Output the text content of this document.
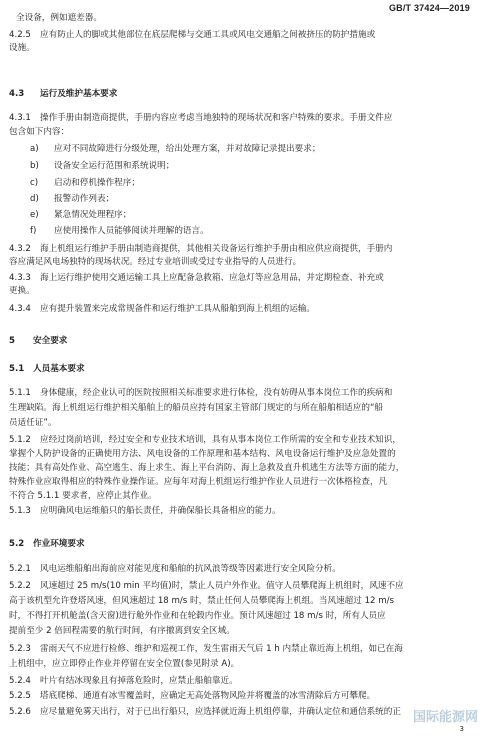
GB/T 37424—2019
全设备，例如遮差器。
4.2.5 应有防止人的脚或其他部位在底层爬梯与交通工具或风电交通船之间被挤压的防护措施或
设施。
4.3 运行及维护基本要求
4.3.1 操作手册由制造商提供，手册内容应考虑当地独特的现场状况和客户特殊的要求。手册文件应
包含如下内容：
a) 应对不同故障进行分级处理，给出处理方案，并对故障记录提出要求；
b) 设备安全运行范围和系统说明；
c) 启动和停机操作程序；
d) 报警动作列表；
e) 紧急情况处理程序；
f) 应使用操作人员能够阅读并理解的语言。
4.3.2 海上机组运行维护手册由制造商提供，其他相关设备运行维护手册由相应供应商提供，手册内
容应满足风电场独特的现场状况。经过专业培训或受过专业指导的人员进行。
4.3.3 海上运行维护使用交通运输工具上应配备急救箱、应急灯等应急用品，并定期检查、补充或
更换。
4.3.4 应有提升装置来完成常规备件和运行维护工具从船舶到海上机组的运输。
5 安全要求
5.1 人员基本要求
5.1.1 身体健康，经企业认可的医院按照相关标准要求进行体检，没有妨碍从事本岗位工作的疾病和
生理缺陷。海上机组运行维护相关船舶上的船员应持有国家主管部门规定的与所在船舶相适应的“船
员适任证”。
5.1.2 应经过岗前培训，经过安全和专业技术培训，具有从事本岗位工作所需的安全和专业技术知识，
掌握个人防护设备的正确使用方法、风电设备的工作原理和基本结构、风电设备运行维护及应急处置的
技能；具有高处作业、高空逃生、海上求生、海上平台消防、海上急救及直升机逃生方法等方面的能力，
特殊作业应取得相应的特殊作业操作证。应每年对海上机组运行维护作业人员进行一次体格检查，凡
不符合 5.1.1 要求者，应停止其作业。
5.1.3 应明确风电运维船只的船长责任，并确保船长具备相应的能力。
5.2 作业环境要求
5.2.1 风电运维船舶出海前应对能见度和船舶的抗风浪等级等因素进行安全风险分析。
5.2.2 风速超过 25 m/s(10 min 平均值)时，禁止人员户外作业。值守人员攀爬海上机组时，风速不应
高于该机型允许登塔风速，但风速超过 18 m/s 时，禁止任何人员攀爬海上机组。当风速超过 12 m/s
时，不得打开机舱盖(含天窗)进行舱外作业和在轮毂内作业。预计风速超过 18 m/s 时，所有人员应
提前至少 2 倍回程需要的航行时间，有序撤离到安全区域。
5.2.3 雷雨天气不应进行检修、维护和巡视工作，发生雷雨天气后 1 h 内禁止靠近海上机组，如已在海
上机组中，应立即停止作业并停留在安全位置(参见附录 A)。
5.2.4 叶片有结冰现象且有掉落危险时，应禁止船舶靠近。
5.2.5 塔底爬梯、通道有冰雪覆盖时，应确定无高处落物风险并将覆盖的冰雪清除后方可攀爬。
5.2.6 应尽量避免雾天出行，对于已出行船只，应选择就近海上机组停靠，并确认定位和通信系统的正 国际能源网
3
